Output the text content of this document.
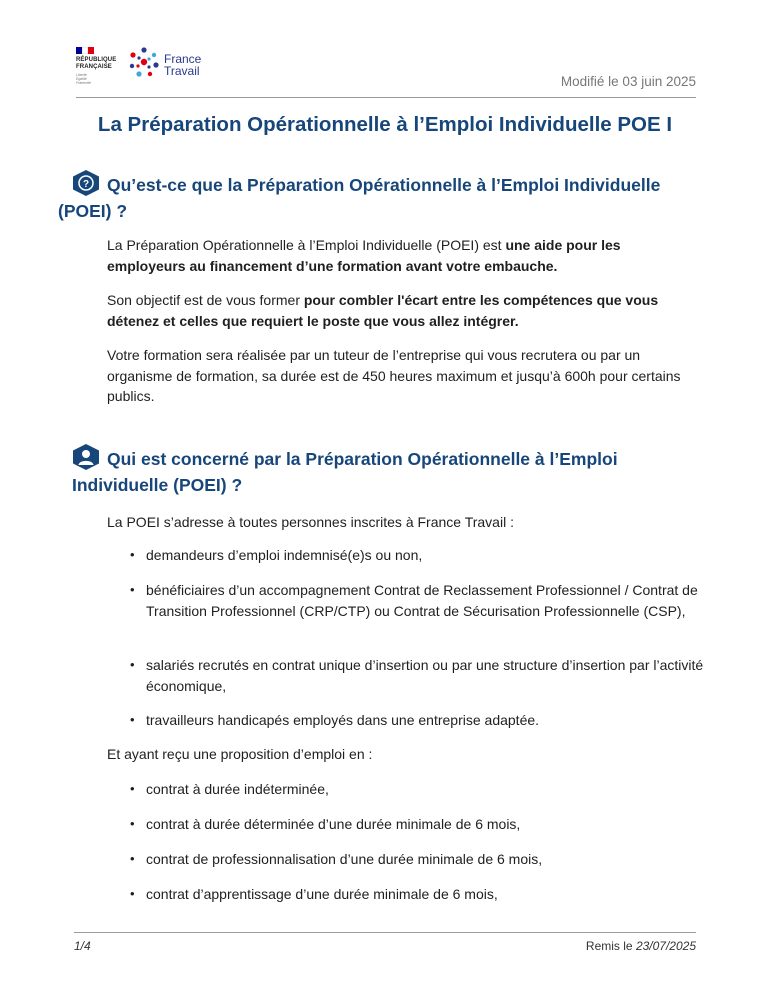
RÉPUBLIQUE
FRANÇAISE
Liberté
Égalité
Fraternité
France
Travail
Modifié le 03 juin 2025
La Préparation Opérationnelle à l’Emploi Individuelle POE I
? Qu’est-ce que la Préparation Opérationnelle à l’Emploi Individuelle
(POEI) ?

La Préparation Opérationnelle à l’Emploi Individuelle (POEI) est une aide pour les employeurs au financement d’une formation avant votre embauche.

Son objectif est de vous former pour combler l'écart entre les compétences que vous détenez et celles que requiert le poste que vous allez intégrer.

Votre formation sera réalisée par un tuteur de l’entreprise qui vous recrutera ou par un organisme de formation, sa durée est de 450 heures maximum et jusqu’à 600h pour certains publics.

Qui est concerné par la Préparation Opérationnelle à l’Emploi
Individuelle (POEI) ?

La POEI s’adresse à toutes personnes inscrites à France Travail :

• demandeurs d’emploi indemnisé(e)s ou non,

• bénéficiaires d’un accompagnement Contrat de Reclassement Professionnel / Contrat de Transition Professionnel (CRP/CTP) ou Contrat de Sécurisation Professionnelle (CSP),

• salariés recrutés en contrat unique d’insertion ou par une structure d’insertion par l’activité économique,

• travailleurs handicapés employés dans une entreprise adaptée.

Et ayant reçu une proposition d’emploi en :

• contrat à durée indéterminée,

• contrat à durée déterminée d’une durée minimale de 6 mois,

• contrat de professionnalisation d’une durée minimale de 6 mois,

• contrat d’apprentissage d’une durée minimale de 6 mois,

1/4	Remis le 23/07/2025
